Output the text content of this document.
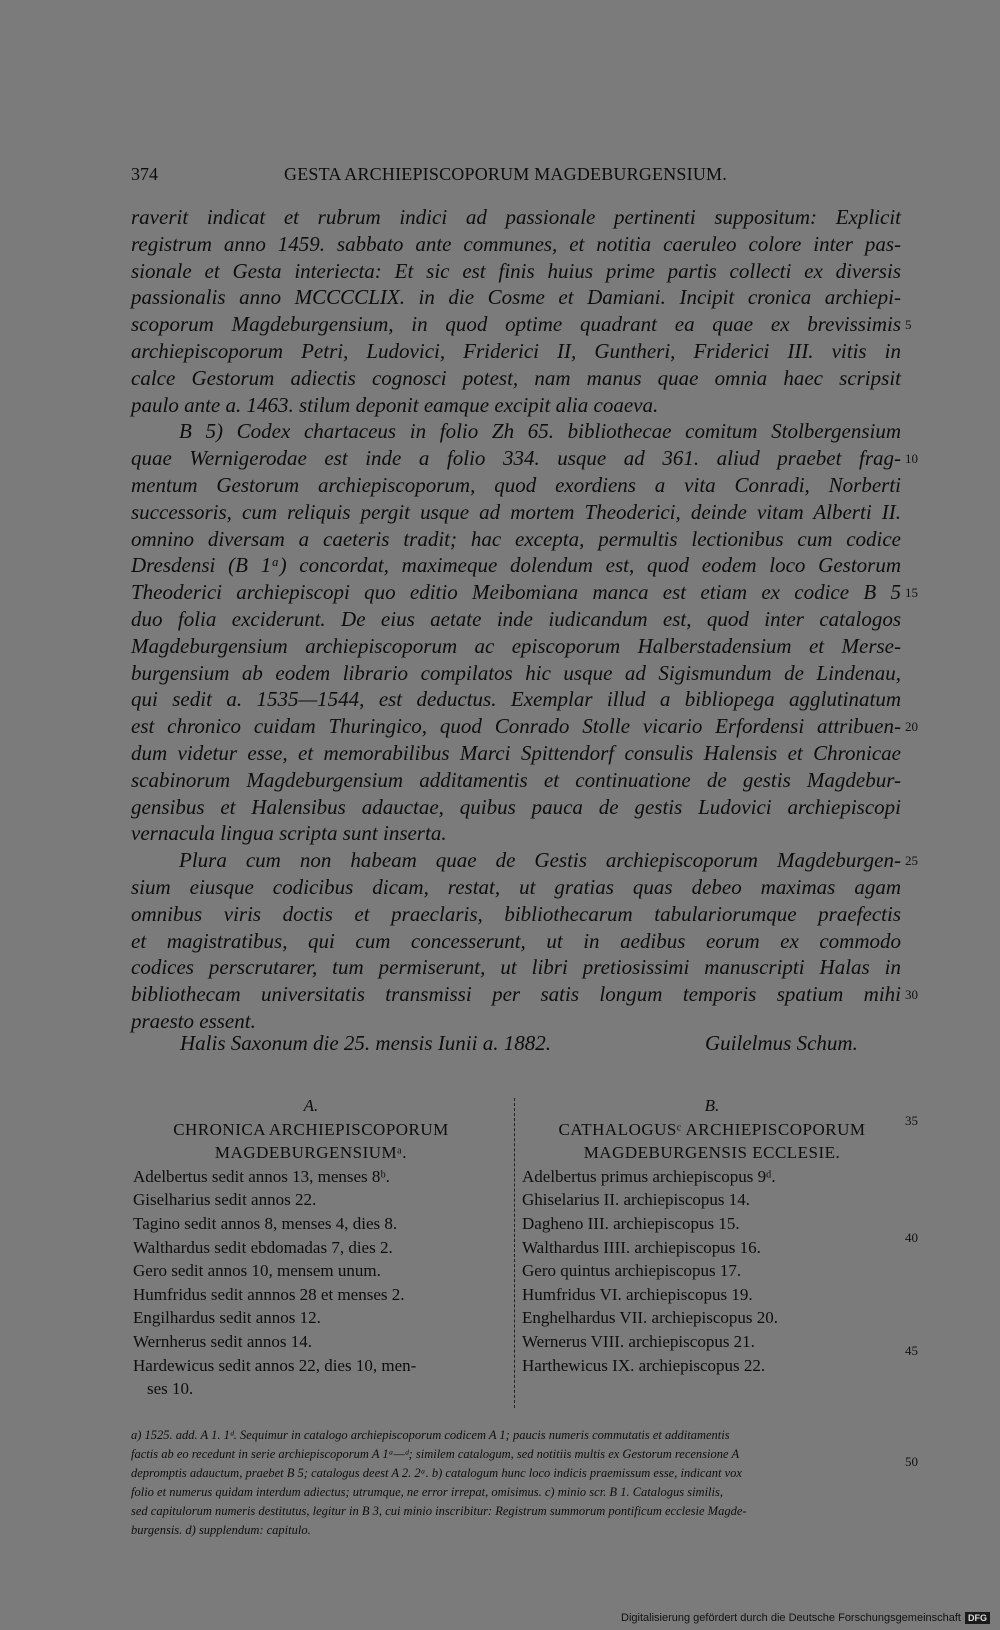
374	GESTA ARCHIEPISCOPORUM MAGDEBURGENSIUM.
raverit indicat et rubrum indici ad passionale pertinenti suppositum: Explicit
registrum anno 1459. sabbato ante communes, et notitia caeruleo colore inter pas-
sionale et Gesta interiecta: Et sic est finis huius prime partis collecti ex diversis
passionalis anno MCCCCLIX. in die Cosme et Damiani. Incipit cronica archiepi-
scoporum Magdeburgensium, in quod optime quadrant ea quae ex brevissimis
archiepiscoporum Petri, Ludovici, Friderici II, Guntheri, Friderici III. vitis in
calce Gestorum adiectis cognosci potest, nam manus quae omnia haec scripsit
paulo ante a. 1463. stilum deponit eamque excipit alia coaeva.
B 5) Codex chartaceus in folio Zh 65. bibliothecae comitum Stolbergensium
quae Wernigerodae est inde a folio 334. usque ad 361. aliud praebet frag-
mentum Gestorum archiepiscoporum, quod exordiens a vita Conradi, Norberti
successoris, cum reliquis pergit usque ad mortem Theoderici, deinde vitam Alberti II.
omnino diversam a caeteris tradit; hac excepta, permultis lectionibus cum codice
Dresdensi (B 1ᵃ) concordat, maximeque dolendum est, quod eodem loco Gestorum
Theoderici archiepiscopi quo editio Meibomiana manca est etiam ex codice B 5
duo folia exciderunt. De eius aetate inde iudicandum est, quod inter catalogos
Magdeburgensium archiepiscoporum ac episcoporum Halberstadensium et Merse-
burgensium ab eodem librario compilatos hic usque ad Sigismundum de Lindenau,
qui sedit a. 1535—1544, est deductus. Exemplar illud a bibliopega agglutinatum
est chronico cuidam Thuringico, quod Conrado Stolle vicario Erfordensi attribuen-
dum videtur esse, et memorabilibus Marci Spittendorf consulis Halensis et Chronicae
scabinorum Magdeburgensium additamentis et continuatione de gestis Magdebur-
gensibus et Halensibus adauctae, quibus pauca de gestis Ludovici archiepiscopi
vernacula lingua scripta sunt inserta.
Plura cum non habeam quae de Gestis archiepiscoporum Magdeburgen-
sium eiusque codicibus dicam, restat, ut gratias quas debeo maximas agam
omnibus viris doctis et praeclaris, bibliothecarum tabulariorumque praefectis
et magistratibus, qui cum concesserunt, ut in aedibus eorum ex commodo
codices perscrutarer, tum permiserunt, ut libri pretiosissimi manuscripti Halas in
bibliothecam universitatis transmissi per satis longum temporis spatium mihi
praesto essent.
5
10
15
20
25
30
35
40
45
50
Halis Saxonum die 25. mensis Iunii a. 1882.	Guilelmus Schum.
A.
CHRONICA ARCHIEPISCOPORUM
MAGDEBURGENSIUMᵃ.
Adelbertus sedit annos 13, menses 8ᵇ.
Giselharius sedit annos 22.
Tagino sedit annos 8, menses 4, dies 8.
Walthardus sedit ebdomadas 7, dies 2.
Gero sedit annos 10, mensem unum.
Humfridus sedit annnos 28 et menses 2.
Engilhardus sedit annos 12.
Wernherus sedit annos 14.
Hardewicus sedit annos 22, dies 10, men-
ses 10.
B.
CATHALOGUSᶜ ARCHIEPISCOPORUM
MAGDEBURGENSIS ECCLESIE.
Adelbertus primus archiepiscopus 9ᵈ.
Ghiselarius II. archiepiscopus 14.
Dagheno III. archiepiscopus 15.
Walthardus IIII. archiepiscopus 16.
Gero quintus archiepiscopus 17.
Humfridus VI. archiepiscopus 19.
Enghelhardus VII. archiepiscopus 20.
Wernerus VIII. archiepiscopus 21.
Harthewicus IX. archiepiscopus 22.
a) 1525. add. A 1. 1ᵈ. Sequimur in catalogo archiepiscoporum codicem A 1; paucis numeris commutatis et additamentis
factis ab eo recedunt in serie archiepiscoporum A 1ᵃ—ᵈ; similem catalogum, sed notitiis multis ex Gestorum recensione A
depromptis adauctum, praebet B 5; catalogus deest A 2. 2ᵃ. b) catalogum hunc loco indicis praemissum esse, indicant vox
folio et numerus quidam interdum adiectus; utrumque, ne error irrepat, omisimus. c) minio scr. B 1. Catalogus similis,
sed capitulorum numeris destitutus, legitur in B 3, cui minio inscribitur: Registrum summorum pontificum ecclesie Magde-
burgensis. d) supplendum: capitulo.
Digitalisierung gefördert durch die Deutsche Forschungsgemeinschaft DFG
